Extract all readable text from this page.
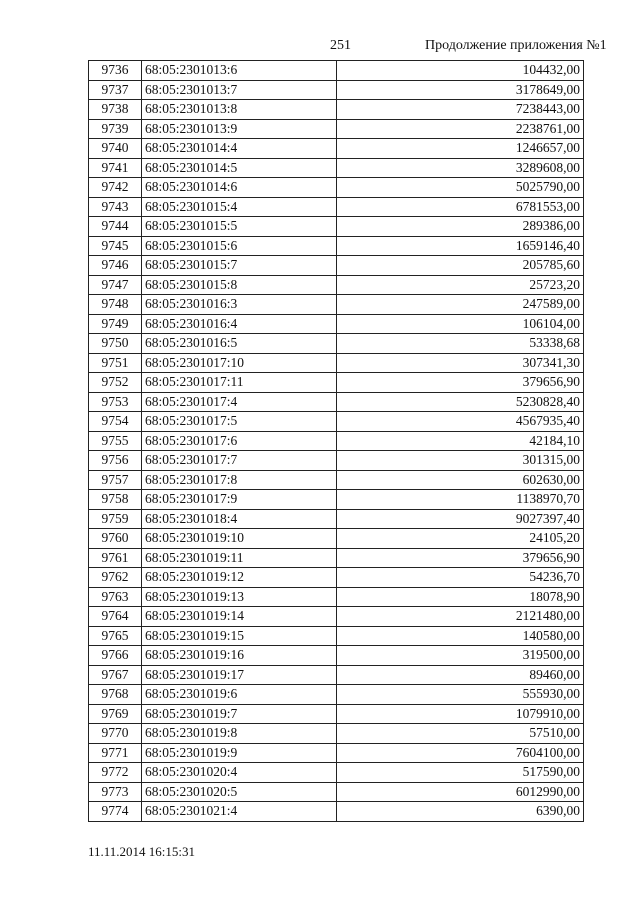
251	Продолжение приложения №1
9736	68:05:2301013:6	104432,00
9737	68:05:2301013:7	3178649,00
9738	68:05:2301013:8	7238443,00
9739	68:05:2301013:9	2238761,00
9740	68:05:2301014:4	1246657,00
9741	68:05:2301014:5	3289608,00
9742	68:05:2301014:6	5025790,00
9743	68:05:2301015:4	6781553,00
9744	68:05:2301015:5	289386,00
9745	68:05:2301015:6	1659146,40
9746	68:05:2301015:7	205785,60
9747	68:05:2301015:8	25723,20
9748	68:05:2301016:3	247589,00
9749	68:05:2301016:4	106104,00
9750	68:05:2301016:5	53338,68
9751	68:05:2301017:10	307341,30
9752	68:05:2301017:11	379656,90
9753	68:05:2301017:4	5230828,40
9754	68:05:2301017:5	4567935,40
9755	68:05:2301017:6	42184,10
9756	68:05:2301017:7	301315,00
9757	68:05:2301017:8	602630,00
9758	68:05:2301017:9	1138970,70
9759	68:05:2301018:4	9027397,40
9760	68:05:2301019:10	24105,20
9761	68:05:2301019:11	379656,90
9762	68:05:2301019:12	54236,70
9763	68:05:2301019:13	18078,90
9764	68:05:2301019:14	2121480,00
9765	68:05:2301019:15	140580,00
9766	68:05:2301019:16	319500,00
9767	68:05:2301019:17	89460,00
9768	68:05:2301019:6	555930,00
9769	68:05:2301019:7	1079910,00
9770	68:05:2301019:8	57510,00
9771	68:05:2301019:9	7604100,00
9772	68:05:2301020:4	517590,00
9773	68:05:2301020:5	6012990,00
9774	68:05:2301021:4	6390,00
11.11.2014 16:15:31
